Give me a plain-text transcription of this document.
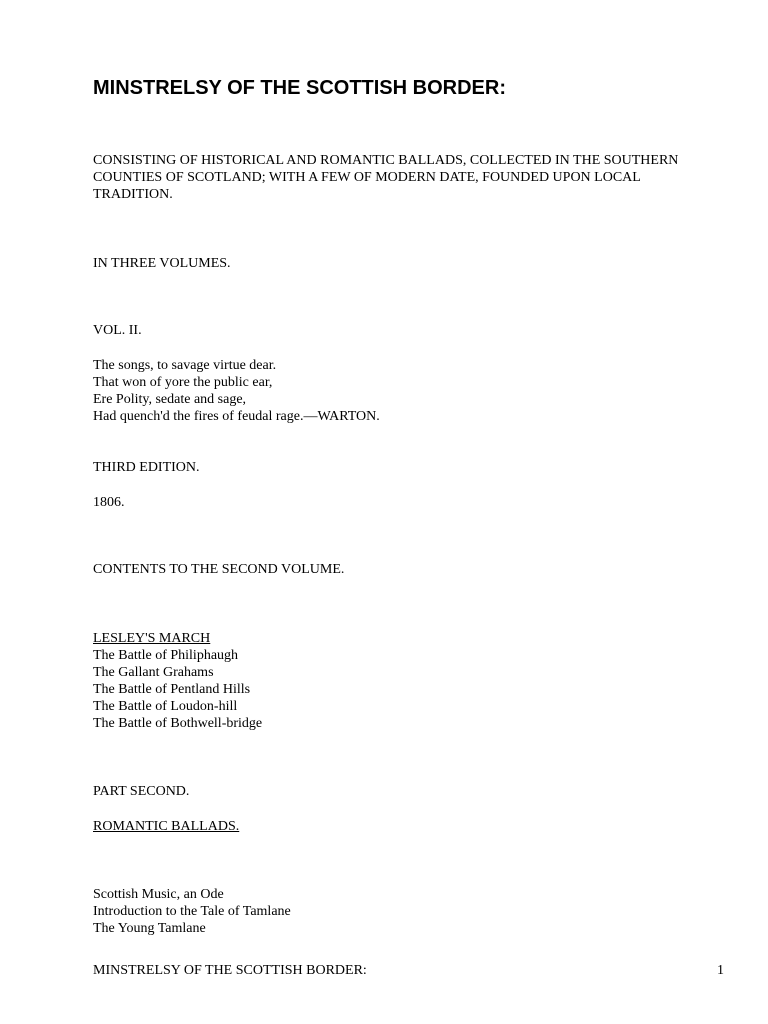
MINSTRELSY OF THE SCOTTISH BORDER:

CONSISTING OF HISTORICAL AND ROMANTIC BALLADS, COLLECTED IN THE SOUTHERN COUNTIES OF SCOTLAND; WITH A FEW OF MODERN DATE, FOUNDED UPON LOCAL TRADITION.

IN THREE VOLUMES.

VOL. II.

The songs, to savage virtue dear.
That won of yore the public ear,
Ere Polity, sedate and sage,
Had quench'd the fires of feudal rage.—WARTON.

THIRD EDITION.

1806.

CONTENTS TO THE SECOND VOLUME.

LESLEY'S MARCH
The Battle of Philiphaugh
The Gallant Grahams
The Battle of Pentland Hills
The Battle of Loudon-hill
The Battle of Bothwell-bridge

PART SECOND.

ROMANTIC BALLADS.

Scottish Music, an Ode
Introduction to the Tale of Tamlane
The Young Tamlane
MINSTRELSY OF THE SCOTTISH BORDER:	1
